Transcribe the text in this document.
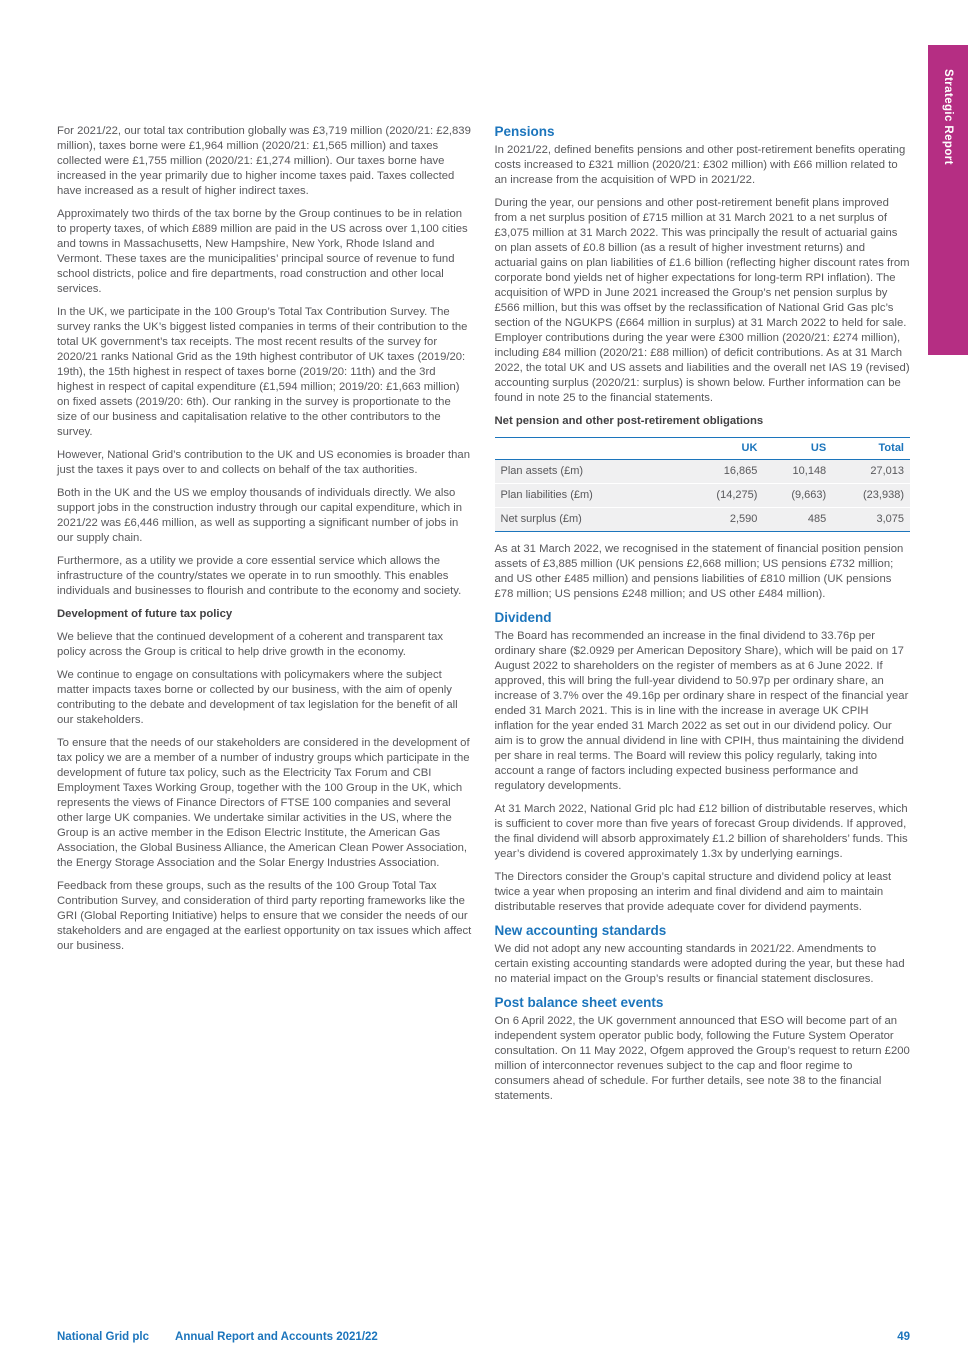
Strategic Report

For 2021/22, our total tax contribution globally was £3,719 million (2020/21: £2,839 million), taxes borne were £1,964 million (2020/21: £1,565 million) and taxes collected were £1,755 million (2020/21: £1,274 million). Our taxes borne have increased in the year primarily due to higher income taxes paid. Taxes collected have increased as a result of higher indirect taxes.

Approximately two thirds of the tax borne by the Group continues to be in relation to property taxes, of which £889 million are paid in the US across over 1,100 cities and towns in Massachusetts, New Hampshire, New York, Rhode Island and Vermont. These taxes are the municipalities’ principal source of revenue to fund school districts, police and fire departments, road construction and other local services.

In the UK, we participate in the 100 Group’s Total Tax Contribution Survey. The survey ranks the UK’s biggest listed companies in terms of their contribution to the total UK government’s tax receipts. The most recent results of the survey for 2020/21 ranks National Grid as the 19th highest contributor of UK taxes (2019/20: 19th), the 15th highest in respect of taxes borne (2019/20: 11th) and the 3rd highest in respect of capital expenditure (£1,594 million; 2019/20: £1,663 million) on fixed assets (2019/20: 6th). Our ranking in the survey is proportionate to the size of our business and capitalisation relative to the other contributors to the survey.

However, National Grid’s contribution to the UK and US economies is broader than just the taxes it pays over to and collects on behalf of the tax authorities.

Both in the UK and the US we employ thousands of individuals directly. We also support jobs in the construction industry through our capital expenditure, which in 2021/22 was £6,446 million, as well as supporting a significant number of jobs in our supply chain.

Furthermore, as a utility we provide a core essential service which allows the infrastructure of the country/states we operate in to run smoothly. This enables individuals and businesses to flourish and contribute to the economy and society.

Development of future tax policy

We believe that the continued development of a coherent and transparent tax policy across the Group is critical to help drive growth in the economy.

We continue to engage on consultations with policymakers where the subject matter impacts taxes borne or collected by our business, with the aim of openly contributing to the debate and development of tax legislation for the benefit of all our stakeholders.

To ensure that the needs of our stakeholders are considered in the development of tax policy we are a member of a number of industry groups which participate in the development of future tax policy, such as the Electricity Tax Forum and CBI Employment Taxes Working Group, together with the 100 Group in the UK, which represents the views of Finance Directors of FTSE 100 companies and several other large UK companies. We undertake similar activities in the US, where the Group is an active member in the Edison Electric Institute, the American Gas Association, the Global Business Alliance, the American Clean Power Association, the Energy Storage Association and the Solar Energy Industries Association.

Feedback from these groups, such as the results of the 100 Group Total Tax Contribution Survey, and consideration of third party reporting frameworks like the GRI (Global Reporting Initiative) helps to ensure that we consider the needs of our stakeholders and are engaged at the earliest opportunity on tax issues which affect our business.

Pensions

In 2021/22, defined benefits pensions and other post-retirement benefits operating costs increased to £321 million (2020/21: £302 million) with £66 million related to an increase from the acquisition of WPD in 2021/22.

During the year, our pensions and other post-retirement benefit plans improved from a net surplus position of £715 million at 31 March 2021 to a net surplus of £3,075 million at 31 March 2022. This was principally the result of actuarial gains on plan assets of £0.8 billion (as a result of higher investment returns) and actuarial gains on plan liabilities of £1.6 billion (reflecting higher discount rates from corporate bond yields net of higher expectations for long-term RPI inflation). The acquisition of WPD in June 2021 increased the Group’s net pension surplus by £566 million, but this was offset by the reclassification of National Grid Gas plc’s section of the NGUKPS (£664 million in surplus) at 31 March 2022 to held for sale. Employer contributions during the year were £300 million (2020/21: £274 million), including £84 million (2020/21: £88 million) of deficit contributions. As at 31 March 2022, the total UK and US assets and liabilities and the overall net IAS 19 (revised) accounting surplus (2020/21: surplus) is shown below. Further information can be found in note 25 to the financial statements.

Net pension and other post-retirement obligations

	UK	US	Total
Plan assets (£m)	16,865	10,148	27,013
Plan liabilities (£m)	(14,275)	(9,663)	(23,938)
Net surplus (£m)	2,590	485	3,075

As at 31 March 2022, we recognised in the statement of financial position pension assets of £3,885 million (UK pensions £2,668 million; US pensions £732 million; and US other £485 million) and pensions liabilities of £810 million (UK pensions £78 million; US pensions £248 million; and US other £484 million).

Dividend

The Board has recommended an increase in the final dividend to 33.76p per ordinary share ($2.0929 per American Depository Share), which will be paid on 17 August 2022 to shareholders on the register of members as at 6 June 2022. If approved, this will bring the full-year dividend to 50.97p per ordinary share, an increase of 3.7% over the 49.16p per ordinary share in respect of the financial year ended 31 March 2021. This is in line with the increase in average UK CPIH inflation for the year ended 31 March 2022 as set out in our dividend policy. Our aim is to grow the annual dividend in line with CPIH, thus maintaining the dividend per share in real terms. The Board will review this policy regularly, taking into account a range of factors including expected business performance and regulatory developments.

At 31 March 2022, National Grid plc had £12 billion of distributable reserves, which is sufficient to cover more than five years of forecast Group dividends. If approved, the final dividend will absorb approximately £1.2 billion of shareholders’ funds. This year’s dividend is covered approximately 1.3x by underlying earnings.

The Directors consider the Group’s capital structure and dividend policy at least twice a year when proposing an interim and final dividend and aim to maintain distributable reserves that provide adequate cover for dividend payments.

New accounting standards

We did not adopt any new accounting standards in 2021/22. Amendments to certain existing accounting standards were adopted during the year, but these had no material impact on the Group’s results or financial statement disclosures.

Post balance sheet events

On 6 April 2022, the UK government announced that ESO will become part of an independent system operator public body, following the Future System Operator consultation. On 11 May 2022, Ofgem approved the Group’s request to return £200 million of interconnector revenues subject to the cap and floor regime to consumers ahead of schedule. For further details, see note 38 to the financial statements.

National Grid plc Annual Report and Accounts 2021/22	49
